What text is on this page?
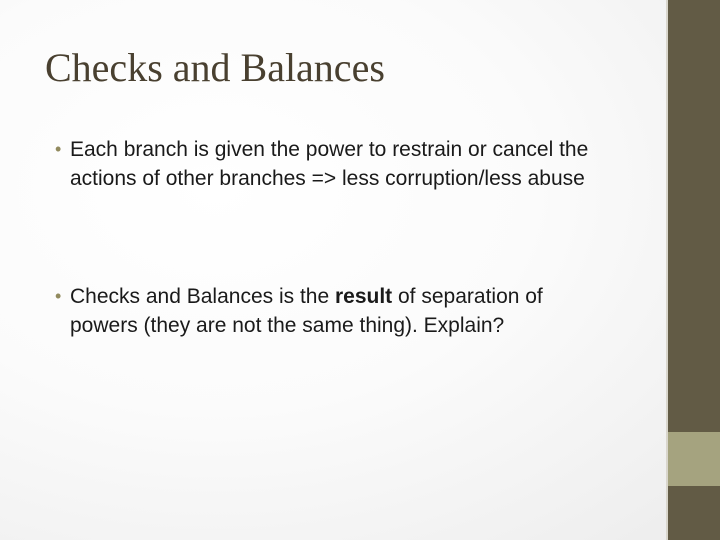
Checks and Balances
• Each branch is given the power to restrain or cancel the actions of other branches => less corruption/less abuse
• Checks and Balances is the result of separation of powers (they are not the same thing). Explain?
